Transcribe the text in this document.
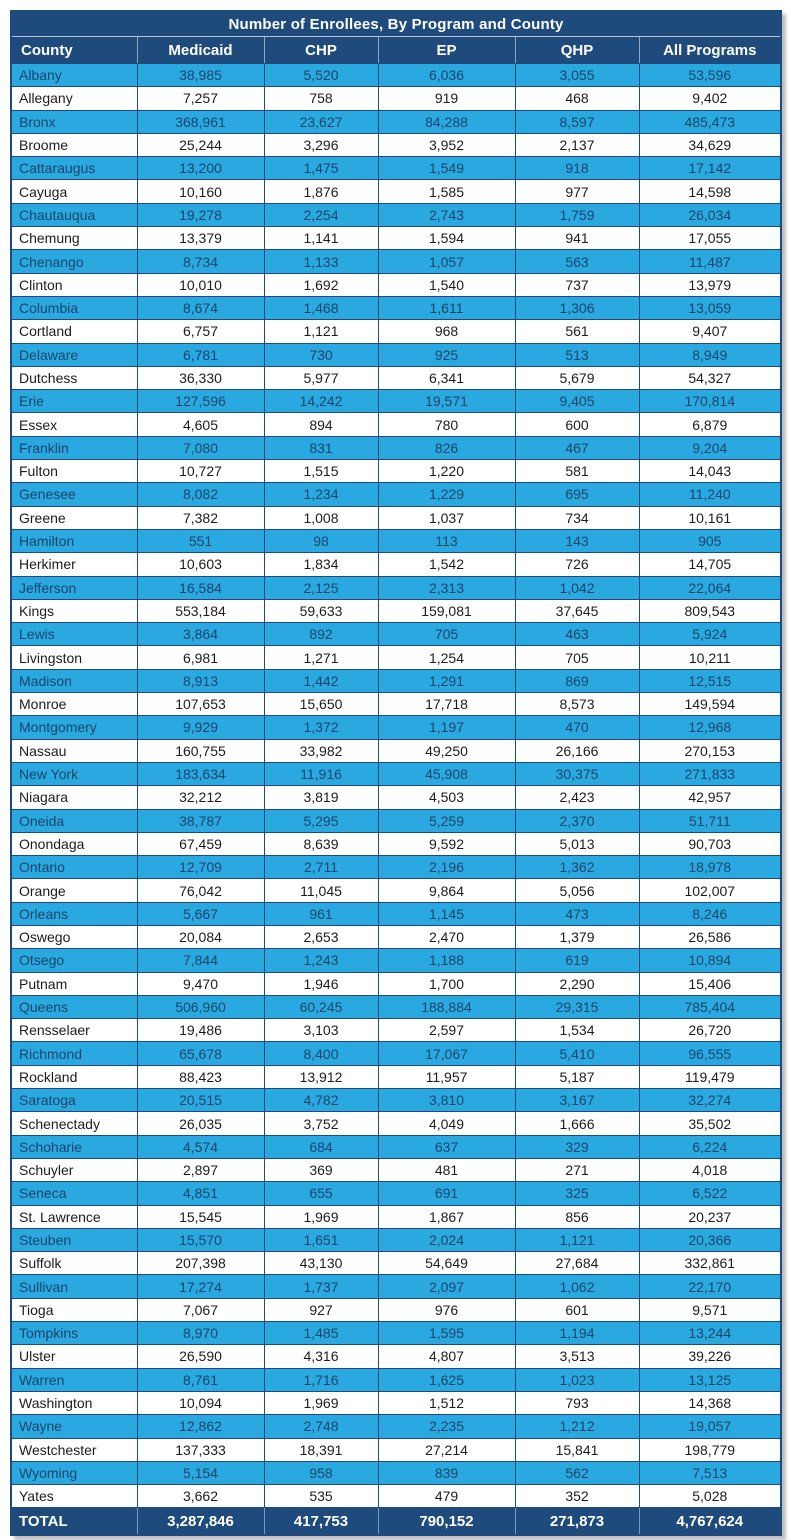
Number of Enrollees, By Program and County					
County	Medicaid	CHP	EP	QHP	All Programs
Albany	38,985	5,520	6,036	3,055	53,596
Allegany	7,257	758	919	468	9,402
Bronx	368,961	23,627	84,288	8,597	485,473
Broome	25,244	3,296	3,952	2,137	34,629
Cattaraugus	13,200	1,475	1,549	918	17,142
Cayuga	10,160	1,876	1,585	977	14,598
Chautauqua	19,278	2,254	2,743	1,759	26,034
Chemung	13,379	1,141	1,594	941	17,055
Chenango	8,734	1,133	1,057	563	11,487
Clinton	10,010	1,692	1,540	737	13,979
Columbia	8,674	1,468	1,611	1,306	13,059
Cortland	6,757	1,121	968	561	9,407
Delaware	6,781	730	925	513	8,949
Dutchess	36,330	5,977	6,341	5,679	54,327
Erie	127,596	14,242	19,571	9,405	170,814
Essex	4,605	894	780	600	6,879
Franklin	7,080	831	826	467	9,204
Fulton	10,727	1,515	1,220	581	14,043
Genesee	8,082	1,234	1,229	695	11,240
Greene	7,382	1,008	1,037	734	10,161
Hamilton	551	98	113	143	905
Herkimer	10,603	1,834	1,542	726	14,705
Jefferson	16,584	2,125	2,313	1,042	22,064
Kings	553,184	59,633	159,081	37,645	809,543
Lewis	3,864	892	705	463	5,924
Livingston	6,981	1,271	1,254	705	10,211
Madison	8,913	1,442	1,291	869	12,515
Monroe	107,653	15,650	17,718	8,573	149,594
Montgomery	9,929	1,372	1,197	470	12,968
Nassau	160,755	33,982	49,250	26,166	270,153
New York	183,634	11,916	45,908	30,375	271,833
Niagara	32,212	3,819	4,503	2,423	42,957
Oneida	38,787	5,295	5,259	2,370	51,711
Onondaga	67,459	8,639	9,592	5,013	90,703
Ontario	12,709	2,711	2,196	1,362	18,978
Orange	76,042	11,045	9,864	5,056	102,007
Orleans	5,667	961	1,145	473	8,246
Oswego	20,084	2,653	2,470	1,379	26,586
Otsego	7,844	1,243	1,188	619	10,894
Putnam	9,470	1,946	1,700	2,290	15,406
Queens	506,960	60,245	188,884	29,315	785,404
Rensselaer	19,486	3,103	2,597	1,534	26,720
Richmond	65,678	8,400	17,067	5,410	96,555
Rockland	88,423	13,912	11,957	5,187	119,479
Saratoga	20,515	4,782	3,810	3,167	32,274
Schenectady	26,035	3,752	4,049	1,666	35,502
Schoharie	4,574	684	637	329	6,224
Schuyler	2,897	369	481	271	4,018
Seneca	4,851	655	691	325	6,522
St. Lawrence	15,545	1,969	1,867	856	20,237
Steuben	15,570	1,651	2,024	1,121	20,366
Suffolk	207,398	43,130	54,649	27,684	332,861
Sullivan	17,274	1,737	2,097	1,062	22,170
Tioga	7,067	927	976	601	9,571
Tompkins	8,970	1,485	1,595	1,194	13,244
Ulster	26,590	4,316	4,807	3,513	39,226
Warren	8,761	1,716	1,625	1,023	13,125
Washington	10,094	1,969	1,512	793	14,368
Wayne	12,862	2,748	2,235	1,212	19,057
Westchester	137,333	18,391	27,214	15,841	198,779
Wyoming	5,154	958	839	562	7,513
Yates	3,662	535	479	352	5,028
TOTAL	3,287,846	417,753	790,152	271,873	4,767,624
